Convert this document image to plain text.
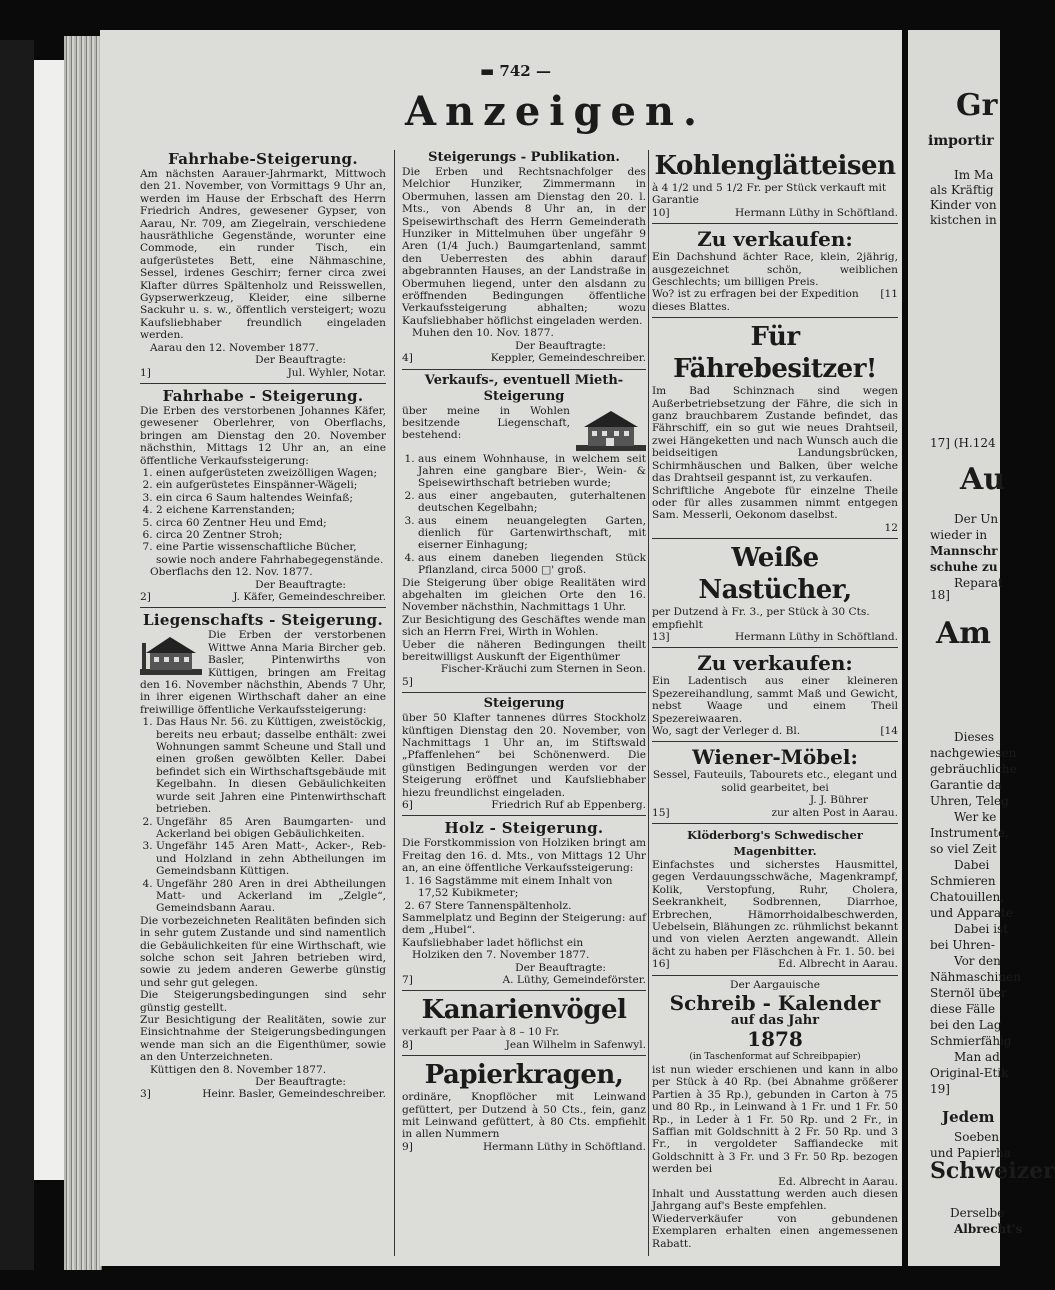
▬ 742 —
Anzeigen.
Fahrhabe-Steigerung.
Am nächsten Aarauer-Jahrmarkt, Mittwoch den 21. November, von Vormittags 9 Uhr an, werden im Hause der Erbschaft des Herrn Friedrich Andres, gewesener Gypser, von Aarau, Nr. 709, am Ziegelrain, verschiedene hausräthliche Gegenstände, worunter eine Commode, ein runder Tisch, ein aufgerüstetes Bett, eine Nähmaschine, Sessel, irdenes Geschirr; ferner circa zwei Klafter dürres Spältenholz und Reisswellen, Gypserwerkzeug, Kleider, eine silberne Sackuhr u. s. w., öffentlich versteigert; wozu Kaufsliebhaber freundlich eingeladen werden.
Aarau den 12. November 1877.
Der Beauftragte:
1]	Jul. Wyhler, Notar.
Fahrhabe - Steigerung.
Die Erben des verstorbenen Johannes Käfer, gewesener Oberlehrer, von Oberflachs, bringen am Dienstag den 20. November nächsthin, Mittags 12 Uhr an, an eine öffentliche Verkaufssteigerung:
1. einen aufgerüsteten zweizölligen Wagen;
2. ein aufgerüstetes Einspänner-Wägeli;
3. ein circa 6 Saum haltendes Weinfaß;
4. 2 eichene Karrenstanden;
5. circa 60 Zentner Heu und Emd;
6. circa 20 Zentner Stroh;
7. eine Partie wissenschaftliche Bücher, sowie noch andere Fahrhabegegenstände.
Oberflachs den 12. Nov. 1877.
Der Beauftragte:
2]	J. Käfer, Gemeindeschreiber.
Liegenschafts - Steigerung.
Die Erben der verstorbenen Wittwe Anna Maria Bircher geb. Basler, Pintenwirths von Küttigen, bringen am Freitag den 16. November nächsthin, Abends 7 Uhr, in ihrer eigenen Wirthschaft daher an eine freiwillige öffentliche Verkaufssteigerung:
1. Das Haus Nr. 56. zu Küttigen, zweistöckig, bereits neu erbaut; dasselbe enthält: zwei Wohnungen sammt Scheune und Stall und einen großen gewölbten Keller. Dabei befindet sich ein Wirthschaftsgebäude mit Kegelbahn. In diesen Gebäulichkeiten wurde seit Jahren eine Pintenwirthschaft betrieben.
2. Ungefähr 85 Aren Baumgarten- und Ackerland bei obigen Gebäulichkeiten.
3. Ungefähr 145 Aren Matt-, Acker-, Reb- und Holzland in zehn Abtheilungen im Gemeindsbann Küttigen.
4. Ungefähr 280 Aren in drei Abtheilungen Matt- und Ackerland im „Zelgle“, Gemeindsbann Aarau.
Die vorbezeichneten Realitäten befinden sich in sehr gutem Zustande und sind namentlich die Gebäulichkeiten für eine Wirthschaft, wie solche schon seit Jahren betrieben wird, sowie zu jedem anderen Gewerbe günstig und sehr gut gelegen.
Die Steigerungsbedingungen sind sehr günstig gestellt.
Zur Besichtigung der Realitäten, sowie zur Einsichtnahme der Steigerungsbedingungen wende man sich an die Eigenthümer, sowie an den Unterzeichneten.
Küttigen den 8. November 1877.
Der Beauftragte:
3]	Heinr. Basler, Gemeindeschreiber.
Steigerungs - Publikation.
Die Erben und Rechtsnachfolger des Melchior Hunziker, Zimmermann in Obermuhen, lassen am Dienstag den 20. l. Mts., von Abends 8 Uhr an, in der Speisewirthschaft des Herrn Gemeinderath Hunziker in Mittelmuhen über ungefähr 9 Aren (1/4 Juch.) Baumgartenland, sammt den Ueberresten des abhin darauf abgebrannten Hauses, an der Landstraße in Obermuhen liegend, unter den alsdann zu eröffnenden Bedingungen öffentliche Verkaufssteigerung abhalten; wozu Kaufsliebhaber höflichst eingeladen werden.
Muhen den 10. Nov. 1877.
Der Beauftragte:
4]	Keppler, Gemeindeschreiber.
Verkaufs-, eventuell Mieth-Steigerung
über meine in Wohlen besitzende Liegenschaft, bestehend:
1. aus einem Wohnhause, in welchem seit Jahren eine gangbare Bier-, Wein- & Speisewirthschaft betrieben wurde;
2. aus einer angebauten, guterhaltenen deutschen Kegelbahn;
3. aus einem neuangelegten Garten, dienlich für Gartenwirthschaft, mit eiserner Einhagung;
4. aus einem daneben liegenden Stück Pflanzland, circa 5000 □' groß.
Die Steigerung über obige Realitäten wird abgehalten im gleichen Orte den 16. November nächsthin, Nachmittags 1 Uhr.
Zur Besichtigung des Geschäftes wende man sich an Herrn Frei, Wirth in Wohlen.
Ueber die näheren Bedingungen theilt bereitwilligst Auskunft der Eigenthümer
Fischer-Kräuchi zum Sternen in Seon.
5]
Steigerung
über 50 Klafter tannenes dürres Stockholz künftigen Dienstag den 20. November, von Nachmittags 1 Uhr an, im Stiftswald „Pfaffenlehen“ bei Schönenwerd. Die günstigen Bedingungen werden vor der Steigerung eröffnet und Kaufsliebhaber hiezu freundlichst eingeladen.
6]	Friedrich Ruf ab Eppenberg.
Holz - Steigerung.
Die Forstkommission von Holziken bringt am Freitag den 16. d. Mts., von Mittags 12 Uhr an, an eine öffentliche Verkaufssteigerung:
1. 16 Sagstämme mit einem Inhalt von 17,52 Kubikmeter;
2. 67 Stere Tannenspältenholz.
Sammelplatz und Beginn der Steigerung: auf dem „Hubel“.
Kaufsliebhaber ladet höflichst ein
Holziken den 7. November 1877.
Der Beauftragte:
7]	A. Lüthy, Gemeindeförster.
Kanarienvögel
verkauft per Paar à 8 – 10 Fr.
8]	Jean Wilhelm in Safenwyl.
Papierkragen,
ordinäre, Knopflöcher mit Leinwand gefüttert, per Dutzend à 50 Cts., fein, ganz mit Leinwand gefüttert, à 80 Cts. empfiehlt in allen Nummern
9]	Hermann Lüthy in Schöftland.
Kohlenglätteisen
à 4 1/2 und 5 1/2 Fr. per Stück verkauft mit Garantie
10]	Hermann Lüthy in Schöftland.
Zu verkaufen:
Ein Dachshund ächter Race, klein, 2jährig, ausgezeichnet schön, weiblichen Geschlechts; um billigen Preis.
Wo? ist zu erfragen bei der Expedition dieses Blattes.
[11
Für Fährebesitzer!
Im Bad Schinznach sind wegen Außerbetriebsetzung der Fähre, die sich in ganz brauchbarem Zustande befindet, das Fährschiff, ein so gut wie neues Drahtseil, zwei Hängeketten und nach Wunsch auch die beidseitigen Landungsbrücken, Schirmhäuschen und Balken, über welche das Drahtseil gespannt ist, zu verkaufen.
Schriftliche Angebote für einzelne Theile oder für alles zusammen nimmt entgegen Sam. Messerli, Oekonom daselbst.
12
Weiße Nastücher,
per Dutzend à Fr. 3., per Stück à 30 Cts. empfiehlt
13]	Hermann Lüthy in Schöftland.
Zu verkaufen:
Ein Ladentisch aus einer kleineren Spezereihandlung, sammt Maß und Gewicht, nebst Waage und einem Theil Spezereiwaaren.
Wo, sagt der Verleger d. Bl.	[14
Wiener-Möbel:
Sessel, Fauteuils, Tabourets etc., elegant und solid gearbeitet, bei
J. J. Bührer
15]	zur alten Post in Aarau.
Klöderborg's Schwedischer Magenbitter.
Einfachstes und sicherstes Hausmittel, gegen Verdauungsschwäche, Magenkrampf, Kolik, Verstopfung, Ruhr, Cholera, Seekrankheit, Sodbrennen, Diarrhoe, Erbrechen, Hämorrhoidalbeschwerden, Uebelsein, Blähungen zc. rühmlichst bekannt und von vielen Aerzten angewandt. Allein ächt zu haben per Fläschchen à Fr. 1. 50. bei
16]	Ed. Albrecht in Aarau.
Der Aargauische
Schreib - Kalender
auf das Jahr
1878
(in Taschenformat auf Schreibpapier)
ist nun wieder erschienen und kann in albo per Stück à 40 Rp. (bei Abnahme größerer Partien à 35 Rp.), gebunden in Carton à 75 und 80 Rp., in Leinwand à 1 Fr. und 1 Fr. 50 Rp., in Leder à 1 Fr. 50 Rp. und 2 Fr., in Saffian mit Goldschnitt à 2 Fr. 50 Rp. und 3 Fr., in vergoldeter Saffiandecke mit Goldschnitt à 3 Fr. und 3 Fr. 50 Rp. bezogen werden bei
Ed. Albrecht in Aarau.
Inhalt und Ausstattung werden auch diesen Jahrgang auf's Beste empfehlen.
Wiederverkäufer von gebundenen Exemplaren erhalten einen angemessenen Rabatt.
Gr
importir
Im Ma
als Kräftig
Kinder von
kistchen in
17] (H.124
Au
Der Un
wieder in
Mannschr
schuhe zu
Reparat
18]
Am
Dieses
nachgewiesen
gebräuchliche
Garantie da
Uhren, Teleg
Wer ke
Instrumente,
so viel Zeit
Dabei
Schmieren
Chatouillen,
und Apparate
Dabei ist
bei Uhren-
Vor den
Nähmaschinen
Sternöl über
diese Fälle
bei den Lag
Schmierfähig
Man ad
Original-Etik
19]
Jedem
Soeben
und Papierha
Schweizer
Derselbe
Albrecht's
